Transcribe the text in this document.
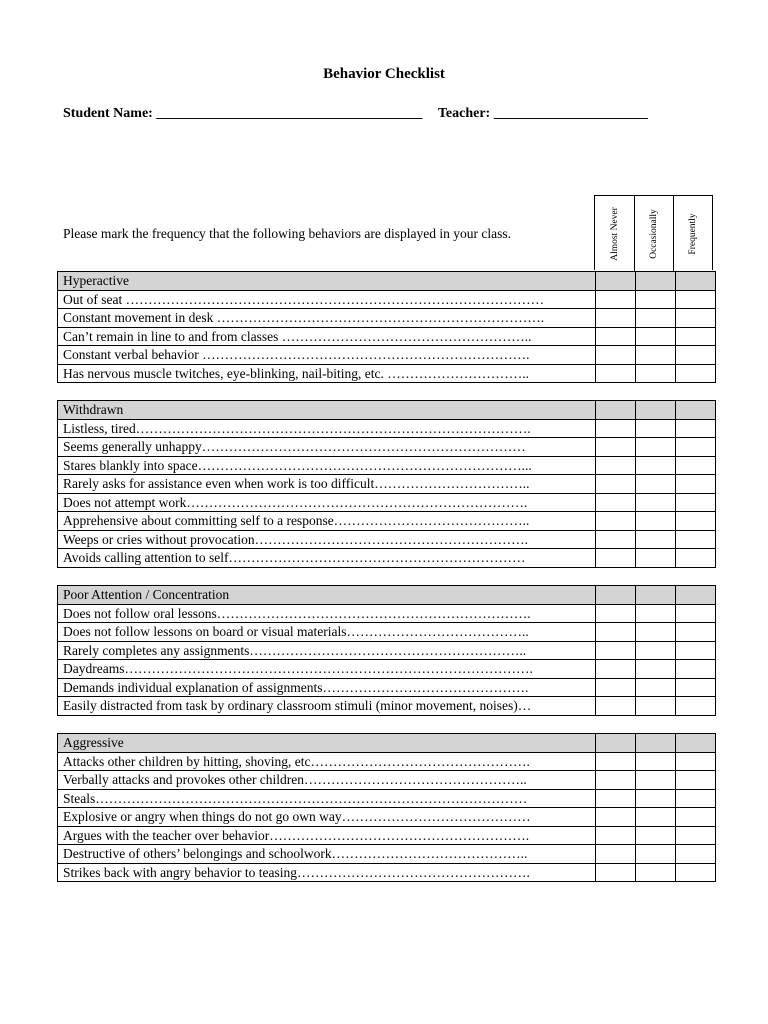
Behavior Checklist
Student Name: ______________________________________ Teacher: ______________________
Please mark the frequency that the following behaviors are displayed in your class.	Almost Never	Occasionally	Frequently
Hyperactive			
Out of seat …………………………………………………………………………………			
Constant movement in desk ……………………………………………………………….			
Can’t remain in line to and from classes ………………………………………………..			
Constant verbal behavior ……………………………………………………………….			
Has nervous muscle twitches, eye-blinking, nail-biting, etc. …………………………..			
Withdrawn			
Listless, tired…………………………………………………………………………….			
Seems generally unhappy………………………………………………………………			
Stares blankly into space………………………………………………………………...			
Rarely asks for assistance even when work is too difficult……………………………..			
Does not attempt work………………………………………………………………….			
Apprehensive about committing self to a response……………………………………..			
Weeps or cries without provocation…………………………………………………….			
Avoids calling attention to self…………………………………………………………			
Poor Attention / Concentration			
Does not follow oral lessons…………………………………………………………….			
Does not follow lessons on board or visual materials…………………………………..			
Rarely completes any assignments……………………………………………………..			
Daydreams……………………………………………………………………………….			
Demands individual explanation of assignments……………………………………….			
Easily distracted from task by ordinary classroom stimuli (minor movement, noises)…			
Aggressive			
Attacks other children by hitting, shoving, etc………………………………………….			
Verbally attacks and provokes other children…………………………………………..			
Steals……………………………………………………………………………………			
Explosive or angry when things do not go own way……………………………………			
Argues with the teacher over behavior………………………………………………….			
Destructive of others’ belongings and schoolwork……………………………………..			
Strikes back with angry behavior to teasing…………………………………………….			
